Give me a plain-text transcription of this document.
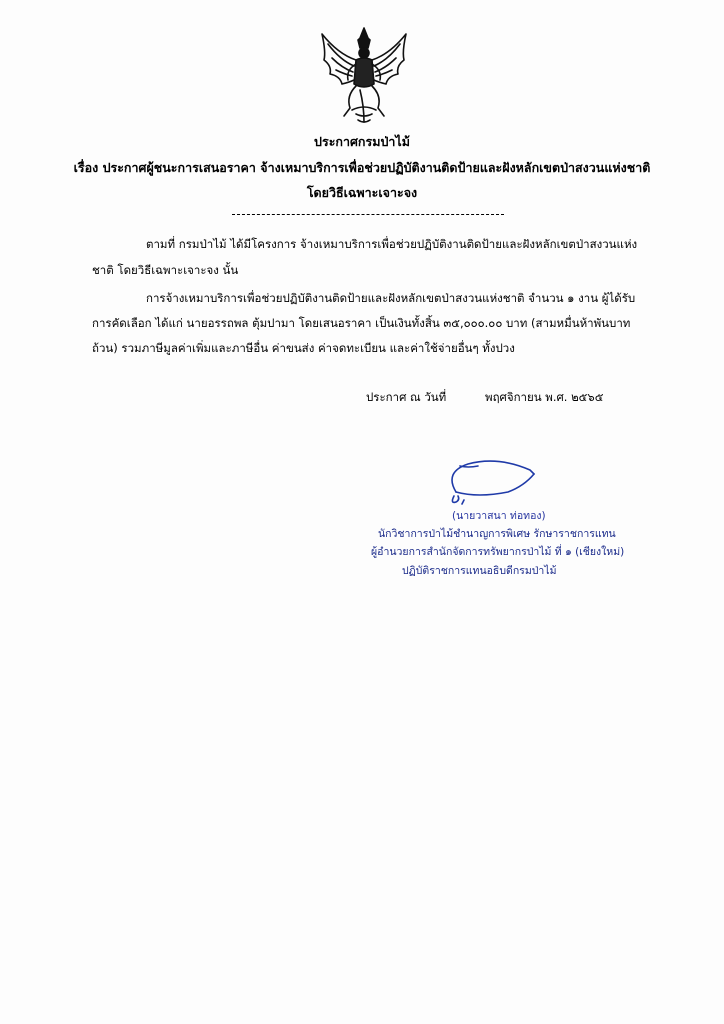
ประกาศกรมป่าไม้
เรื่อง ประกาศผู้ชนะการเสนอราคา จ้างเหมาบริการเพื่อช่วยปฏิบัติงานติดป้ายและฝังหลักเขตป่าสงวนแห่งชาติ
โดยวิธีเฉพาะเจาะจง
ตามที่ กรมป่าไม้ ได้มีโครงการ จ้างเหมาบริการเพื่อช่วยปฏิบัติงานติดป้ายและฝังหลักเขตป่าสงวนแห่ง
ชาติ โดยวิธีเฉพาะเจาะจง นั้น
การจ้างเหมาบริการเพื่อช่วยปฏิบัติงานติดป้ายและฝังหลักเขตป่าสงวนแห่งชาติ จำนวน ๑ งาน ผู้ได้รับ
การคัดเลือก ได้แก่ นายอรรถพล ตุ้มปามา โดยเสนอราคา เป็นเงินทั้งสิ้น ๓๕,๐๐๐.๐๐ บาท (สามหมื่นห้าพันบาท
ถ้วน) รวมภาษีมูลค่าเพิ่มและภาษีอื่น ค่าขนส่ง ค่าจดทะเบียน และค่าใช้จ่ายอื่นๆ ทั้งปวง
ประกาศ ณ วันที่	พฤศจิกายน พ.ศ. ๒๕๖๕
(นายวาสนา ท่อทอง)
นักวิชาการป่าไม้ชำนาญการพิเศษ รักษาราชการแทน
ผู้อำนวยการสำนักจัดการทรัพยากรป่าไม้ ที่ ๑ (เชียงใหม่)
ปฏิบัติราชการแทนอธิบดีกรมป่าไม้
